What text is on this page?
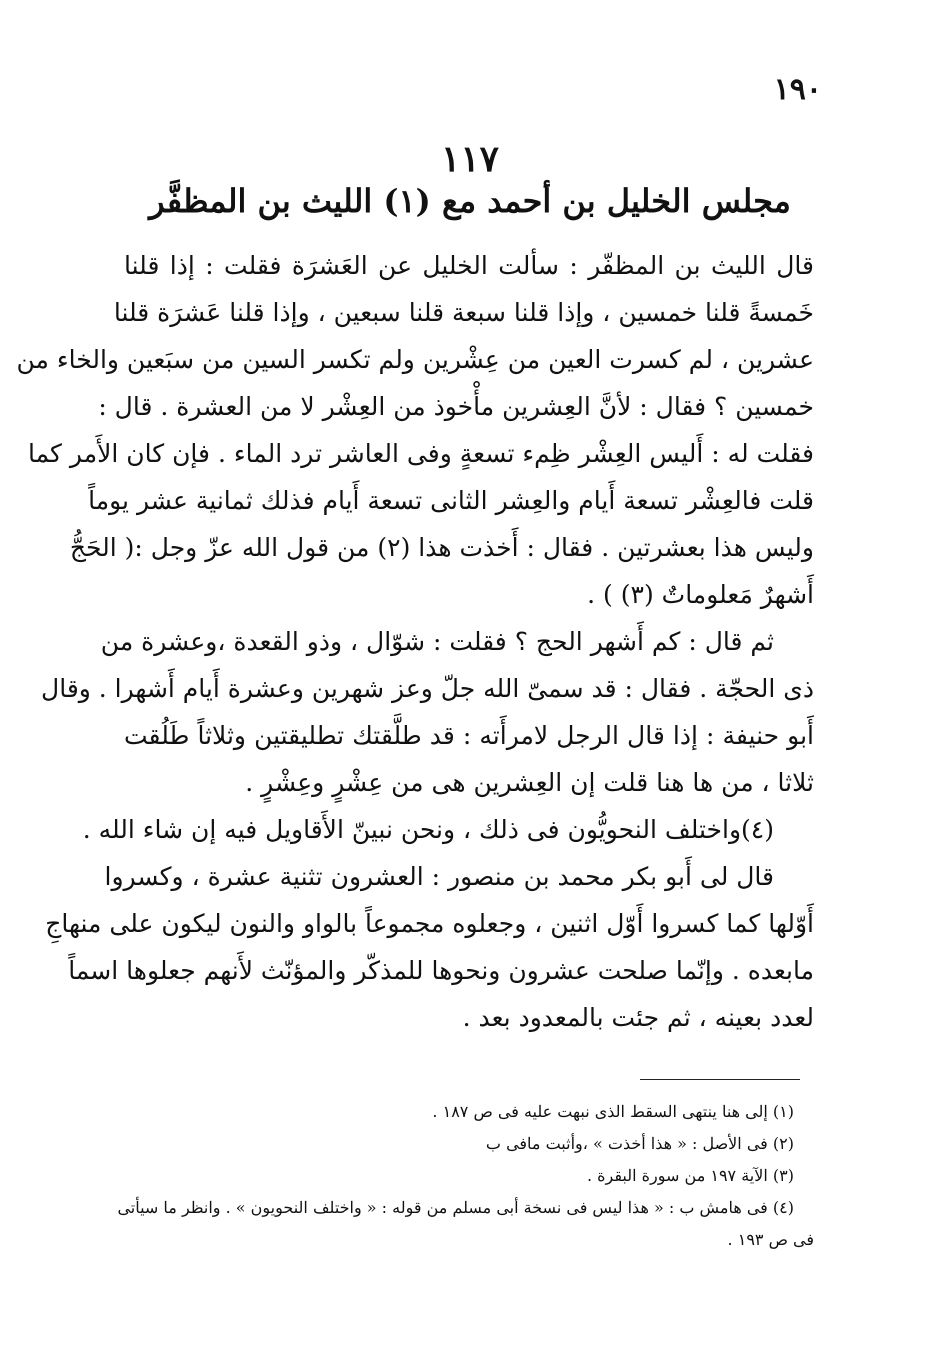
١٩٠
١١٧
مجلس الخليل بن أحمد مع (١) الليث بن المظفَّر
قال الليث بن المظفّر : سألت الخليل عن العَشرَة فقلت : إذا قلنا
خَمسةً قلنا خمسين ، وإذا قلنا سبعة قلنا سبعين ، وإذا قلنا عَشرَة قلنا
عشرين ، لم كسرت العين من عِشْرين ولم تكسر السين من سبَعين والخاء من
خمسين ؟ فقال : لأنَّ العِشرين مأْخوذ من العِشْر لا من العشرة . قال :
فقلت له : أَليس العِشْر ظِمء تسعةٍ وفى العاشر ترد الماء . فإن كان الأَمر كما
قلت فالعِشْر تسعة أَيام والعِشر الثانى تسعة أَيام فذلك ثمانية عشر يوماً
وليس هذا بعشرتين . فقال : أَخذت هذا (٢) من قول الله عزّ وجل :( الحَجُّ
أَشهرٌ مَعلوماتٌ (٣) ) .
ثم قال : كم أَشهر الحج ؟ فقلت : شوّال ، وذو القعدة ،وعشرة من
ذى الحجّة . فقال : قد سمىّ الله جلّ وعز شهرين وعشرة أَيام أَشهرا . وقال
أَبو حنيفة : إذا قال الرجل لامرأَته : قد طلَّقتك تطليقتين وثلاثاً طَلُقت
ثلاثا ، من ها هنا قلت إن العِشرين هى من عِشْرٍ وعِشْرٍ .
(٤)واختلف النحويُّون فى ذلك ، ونحن نبينّ الأَقاويل فيه إن شاء الله .
قال لى أَبو بكر محمد بن منصور : العشرون تثنية عشرة ، وكسروا
أَوّلها كما كسروا أَوّل اثنين ، وجعلوه مجموعاً بالواو والنون ليكون على منهاجِ
مابعده . وإنّما صلحت عشرون ونحوها للمذكّر والمؤنّث لأَنهم جعلوها اسماً
لعدد بعينه ، ثم جئت بالمعدود بعد .
(١) إلى هنا ينتهى السقط الذى نبهت عليه فى ص ١٨٧ .
(٢) فى الأصل : « هذا أخذت » ،وأثبت مافى ب
(٣) الآية ١٩٧ من سورة البقرة .
(٤) فى هامش ب : « هذا ليس فى نسخة أبى مسلم من قوله : « واختلف النحويون » . وانظر ما سيأتى
فى ص ١٩٣ .
